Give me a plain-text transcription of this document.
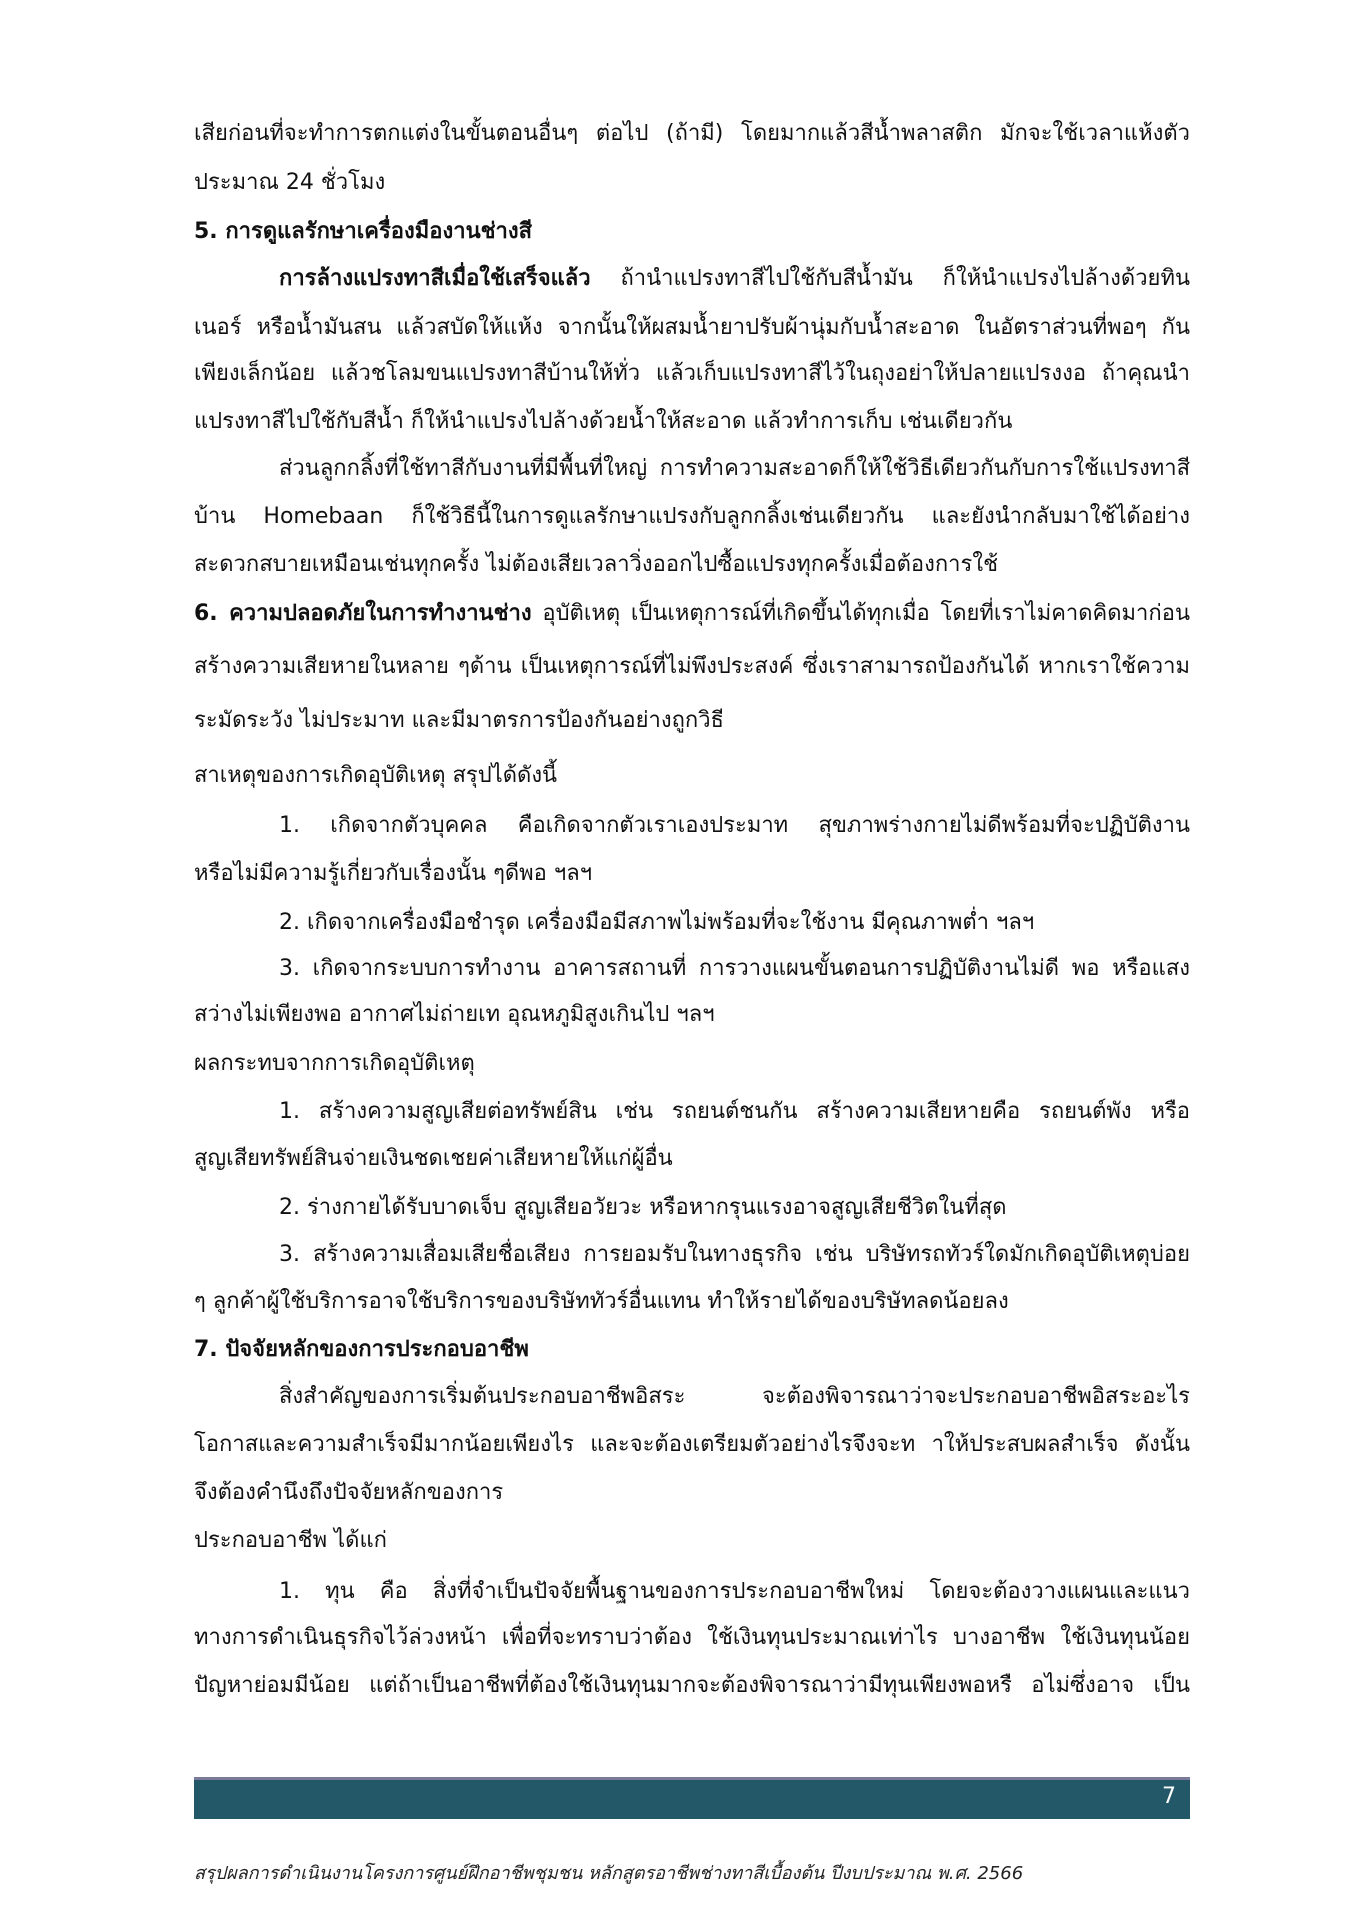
เสียก่อนที่จะทำการตกแต่งในขั้นตอนอื่นๆ ต่อไป (ถ้ามี) โดยมากแล้วสีน้ำพลาสติก มักจะใช้เวลาแห้งตัว
ประมาณ 24 ชั่วโมง
5. การดูแลรักษาเครื่องมืองานช่างสี
การล้างแปรงทาสีเมื่อใช้เสร็จแล้ว ถ้านำแปรงทาสีไปใช้กับสีน้ำมัน ก็ให้นำแปรงไปล้างด้วยทิน
เนอร์ หรือน้ำมันสน แล้วสบัดให้แห้ง จากนั้นให้ผสมน้ำยาปรับผ้านุ่มกับน้ำสะอาด ในอัตราส่วนที่พอๆ กัน
เพียงเล็กน้อย แล้วชโลมขนแปรงทาสีบ้านให้ทั่ว แล้วเก็บแปรงทาสีไว้ในถุงอย่าให้ปลายแปรงงอ ถ้าคุณนำ
แปรงทาสีไปใช้กับสีน้ำ ก็ให้นำแปรงไปล้างด้วยน้ำให้สะอาด แล้วทำการเก็บ เช่นเดียวกัน
ส่วนลูกกลิ้งที่ใช้ทาสีกับงานที่มีพื้นที่ใหญ่ การทำความสะอาดก็ให้ใช้วิธีเดียวกันกับการใช้แปรงทาสี
บ้าน Homebaan ก็ใช้วิธีนี้ในการดูแลรักษาแปรงกับลูกกลิ้งเช่นเดียวกัน และยังนำกลับมาใช้ได้อย่าง
สะดวกสบายเหมือนเช่นทุกครั้ง ไม่ต้องเสียเวลาวิ่งออกไปซื้อแปรงทุกครั้งเมื่อต้องการใช้
6. ความปลอดภัยในการทำงานช่าง อุบัติเหตุ เป็นเหตุการณ์ที่เกิดขึ้นได้ทุกเมื่อ โดยที่เราไม่คาดคิดมาก่อน
สร้างความเสียหายในหลาย ๆด้าน เป็นเหตุการณ์ที่ไม่พึงประสงค์ ซึ่งเราสามารถป้องกันได้ หากเราใช้ความ
ระมัดระวัง ไม่ประมาท และมีมาตรการป้องกันอย่างถูกวิธี
สาเหตุของการเกิดอุบัติเหตุ สรุปได้ดังนี้
1. เกิดจากตัวบุคคล คือเกิดจากตัวเราเองประมาท สุขภาพร่างกายไม่ดีพร้อมที่จะปฏิบัติงาน
หรือไม่มีความรู้เกี่ยวกับเรื่องนั้น ๆดีพอ ฯลฯ
2. เกิดจากเครื่องมือชำรุด เครื่องมือมีสภาพไม่พร้อมที่จะใช้งาน มีคุณภาพต่ำ ฯลฯ
3. เกิดจากระบบการทำงาน อาคารสถานที่ การวางแผนขั้นตอนการปฏิบัติงานไม่ดี พอ หรือแสง
สว่างไม่เพียงพอ อากาศไม่ถ่ายเท อุณหภูมิสูงเกินไป ฯลฯ
ผลกระทบจากการเกิดอุบัติเหตุ
1. สร้างความสูญเสียต่อทรัพย์สิน เช่น รถยนต์ชนกัน สร้างความเสียหายคือ รถยนต์พัง หรือ
สูญเสียทรัพย์สินจ่ายเงินชดเชยค่าเสียหายให้แก่ผู้อื่น
2. ร่างกายได้รับบาดเจ็บ สูญเสียอวัยวะ หรือหากรุนแรงอาจสูญเสียชีวิตในที่สุด
3. สร้างความเสื่อมเสียชื่อเสียง การยอมรับในทางธุรกิจ เช่น บริษัทรถทัวร์ใดมักเกิดอุบัติเหตุบ่อย
ๆ ลูกค้าผู้ใช้บริการอาจใช้บริการของบริษัททัวร์อื่นแทน ทำให้รายได้ของบริษัทลดน้อยลง
7. ปัจจัยหลักของการประกอบอาชีพ
สิ่งสำคัญของการเริ่มต้นประกอบอาชีพอิสระ จะต้องพิจารณาว่าจะประกอบอาชีพอิสระอะไร
โอกาสและความสำเร็จมีมากน้อยเพียงไร และจะต้องเตรียมตัวอย่างไรจึงจะท าให้ประสบผลสำเร็จ ดังนั้น
จึงต้องคำนึงถึงปัจจัยหลักของการ
ประกอบอาชีพ ได้แก่
1. ทุน คือ สิ่งที่จำเป็นปัจจัยพื้นฐานของการประกอบอาชีพใหม่ โดยจะต้องวางแผนและแนว
ทางการดำเนินธุรกิจไว้ล่วงหน้า เพื่อที่จะทราบว่าต้อง ใช้เงินทุนประมาณเท่าไร บางอาชีพ ใช้เงินทุนน้อย
ปัญหาย่อมมีน้อย แต่ถ้าเป็นอาชีพที่ต้องใช้เงินทุนมากจะต้องพิจารณาว่ามีทุนเพียงพอหรื อไม่ซึ่งอาจ เป็น
7
สรุปผลการดำเนินงานโครงการศูนย์ฝึกอาชีพชุมชน หลักสูตรอาชีพช่างทาสีเบื้องต้น ปีงบประมาณ พ.ศ. 2566
